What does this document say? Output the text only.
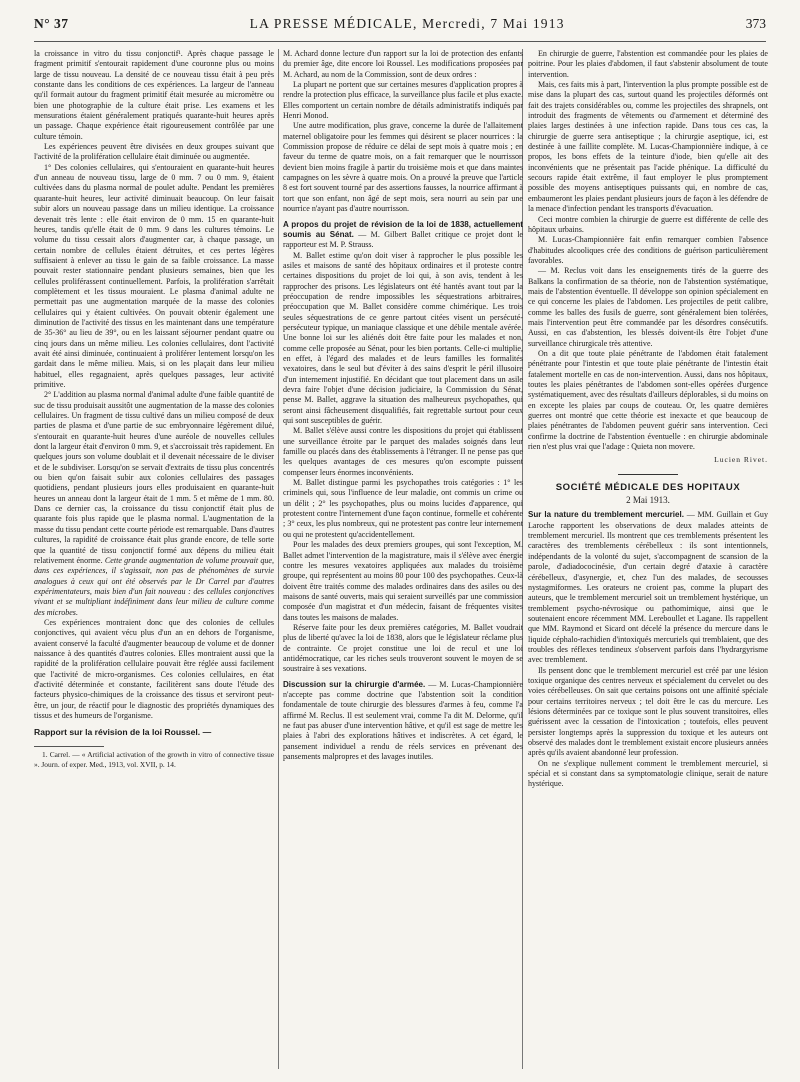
N° 37	LA PRESSE MÉDICALE, Mercredi, 7 Mai 1913	373

la croissance in vitro du tissu conjonctif¹. Après chaque passage le fragment primitif s'entourait rapidement d'une couronne plus ou moins large de tissu nouveau. La densité de ce nouveau tissu était à peu près constante dans les conditions de ces expériences. La largeur de l'anneau qu'il formait autour du fragment primitif était mesurée au micromètre ou bien une photographie de la culture était prise. Les examens et les mensurations étaient généralement pratiqués quarante-huit heures après un passage. Chaque expérience était rigoureusement contrôlée par une culture témoin.

Les expériences peuvent être divisées en deux groupes suivant que l'activité de la prolifération cellulaire était diminuée ou augmentée.

1° Des colonies cellulaires, qui s'entouraient en quarante-huit heures d'un anneau de nouveau tissu, large de 0 mm. 7 ou 0 mm. 9, étaient cultivées dans du plasma normal de poulet adulte. Pendant les premières quarante-huit heures, leur activité diminuait beaucoup. On leur faisait subir alors un nouveau passage dans un milieu identique. La croissance devenait très lente : elle était environ de 0 mm. 15 en quarante-huit heures, tandis qu'elle était de 0 mm. 9 dans les cultures témoins. Le volume du tissu cessait alors d'augmenter car, à chaque passage, un certain nombre de cellules étaient détruites, et ces pertes légères suffisaient à enlever au tissu le gain de sa faible croissance. La masse pouvait rester stationnaire pendant plusieurs semaines, bien que les cellules proliférassent continuellement. Parfois, la prolifération s'arrêtait complètement et les tissus mouraient. Le plasma d'animal adulte ne permettait pas une augmentation marquée de la masse des colonies cellulaires qui y étaient cultivées. On pouvait obtenir également une diminution de l'activité des tissus en les maintenant dans une température de 35-36° au lieu de 39°, ou en les laissant séjourner pendant quatre ou cinq jours dans un même milieu. Les colonies cellulaires, dont l'activité avait été ainsi diminuée, continuaient à proliférer lentement lorsqu'on les gardait dans le même milieu. Mais, si on les plaçait dans leur milieu habituel, elles regagnaient, après quelques passages, leur activité primitive.

2° L'addition au plasma normal d'animal adulte d'une faible quantité de suc de tissu produisait aussitôt une augmentation de la masse des colonies cellulaires. Un fragment de tissu cultivé dans un milieu composé de deux parties de plasma et d'une partie de suc embryonnaire légèrement dilué, s'entourait en quarante-huit heures d'une auréole de nouvelles cellules dont la largeur était d'environ 0 mm. 9, et s'accroissait très rapidement. En quelques jours son volume doublait et il devenait nécessaire de le diviser et de le subdiviser. Lorsqu'on se servait d'extraits de tissu plus concentrés ou bien qu'on faisait subir aux colonies cellulaires des passages quotidiens, pendant plusieurs jours elles produisaient en quarante-huit heures un anneau dont la largeur était de 1 mm. 5 et même de 1 mm. 80. Dans ce dernier cas, la croissance du tissu conjonctif était plus de quarante fois plus rapide que le plasma normal. L'augmentation de la masse du tissu pendant cette courte période est remarquable. Dans d'autres cultures, la rapidité de croissance était plus grande encore, de telle sorte que la quantité de tissu conjonctif formé aux dépens du milieu était relativement énorme. Cette grande augmentation de volume prouvait que, dans ces expériences, il s'agissait, non pas de phénomènes de survie analogues à ceux qui ont été observés par le Dr Carrel par d'autres expérimentateurs, mais bien d'un fait nouveau : des cellules conjonctives vivant et se multipliant indéfiniment dans leur milieu de culture comme des microbes.

Ces expériences montraient donc que des colonies de cellules conjonctives, qui avaient vécu plus d'un an en dehors de l'organisme, avaient conservé la faculté d'augmenter beaucoup de volume et de donner naissance à des quantités d'autres colonies. Elles montraient aussi que la rapidité de la prolifération cellulaire pouvait être réglée aussi facilement que l'activité de micro-organismes. Ces colonies cellulaires, en état d'activité déterminée et constante, facilitèrent sans doute l'étude des facteurs physico-chimiques de la croissance des tissus et serviront peut-être, un jour, de réactif pour le diagnostic des propriétés dynamiques des tissus et des humeurs de l'organisme.

Rapport sur la révision de la loi Roussel. —

1. Carrel. — « Artificial activation of the growth in vitro of connective tissue ». Journ. of exper. Med., 1913, vol. XVII, p. 14.

M. Achard donne lecture d'un rapport sur la loi de protection des enfants du premier âge, dite encore loi Roussel. Les modifications proposées par M. Achard, au nom de la Commission, sont de deux ordres :

La plupart ne portent que sur certaines mesures d'application propres à rendre la protection plus efficace, la surveillance plus facile et plus exacte. Elles comportent un certain nombre de détails administratifs indiqués par Henri Monod.

Une autre modification, plus grave, concerne la durée de l'allaitement maternel obligatoire pour les femmes qui désirent se placer nourrices : la Commission propose de réduire ce délai de sept mois à quatre mois ; en faveur du terme de quatre mois, on a fait remarquer que le nourrisson devient bien moins fragile à partir du troisième mois et que dans maintes campagnes on les sèvre à quatre mois. On a prouvé la preuve que l'article 8 est fort souvent tourné par des assertions fausses, la nourrice affirmant à tort que son enfant, non âgé de sept mois, sera nourri au sein par une nourrice n'ayant pas d'autre nourrisson.

A propos du projet de révision de la loi de 1838, actuellement soumis au Sénat. — M. Gilbert Ballet critique ce projet dont le rapporteur est M. P. Strauss.

M. Ballet estime qu'on doit viser à rapprocher le plus possible les asiles et maisons de santé des hôpitaux ordinaires et il proteste contre certaines dispositions du projet de loi qui, à son avis, tendent à les rapprocher des prisons. Les législateurs ont été hantés avant tout par la préoccupation de rendre impossibles les séquestrations arbitraires, préoccupation que M. Ballet considère comme chimérique. Les trois seules séquestrations de ce genre partout citées visent un persécuté-persécuteur typique, un maniaque classique et une débile mentale avérée. Une bonne loi sur les aliénés doit être faite pour les malades et non, comme celle proposée au Sénat, pour les bien portants. Celle-ci multiplie, en effet, à l'égard des malades et de leurs familles les formalités vexatoires, dans le seul but d'éviter à des sains d'esprit le péril illusoire d'un internement injustifié. En décidant que tout placement dans un asile devra faire l'objet d'une décision judiciaire, la Commission du Sénat, pense M. Ballet, aggrave la situation des malheureux psychopathes, qui seront ainsi fâcheusement disqualifiés, fait regrettable surtout pour ceux qui sont susceptibles de guérir.

M. Ballet s'élève aussi contre les dispositions du projet qui établissent une surveillance étroite par le parquet des malades soignés dans leur famille ou placés dans des établissements à l'étranger. Il ne pense pas que les quelques avantages de ces mesures qu'on escompte puissent compenser leurs énormes inconvénients.

M. Ballet distingue parmi les psychopathes trois catégories : 1° les criminels qui, sous l'influence de leur maladie, ont commis un crime ou un délit ; 2° les psychopathes, plus ou moins lucides d'apparence, qui protestent contre l'internement d'une façon continue, formelle et cohérente ; 3° ceux, les plus nombreux, qui ne protestent pas contre leur internement ou qui ne protestent qu'accidentellement.

Pour les malades des deux premiers groupes, qui sont l'exception, M. Ballet admet l'intervention de la magistrature, mais il s'élève avec énergie contre les mesures vexatoires appliquées aux malades du troisième groupe, qui représentent au moins 80 pour 100 des psychopathes. Ceux-là doivent être traités comme des malades ordinaires dans des asiles ou des maisons de santé ouverts, mais qui seraient surveillés par une commission composée d'un magistrat et d'un médecin, faisant de fréquentes visites dans toutes les maisons de malades.

Réserve faite pour les deux premières catégories, M. Ballet voudrait plus de liberté qu'avec la loi de 1838, alors que le législateur réclame plus de contrainte. Ce projet constitue une loi de recul et une loi antidémocratique, car les riches seuls trouveront souvent le moyen de se soustraire à ses vexations.

Discussion sur la chirurgie d'armée. — M. Lucas-Championnière n'accepte pas comme doctrine que l'abstention soit la condition fondamentale de toute chirurgie des blessures d'armes à feu, comme l'a affirmé M. Reclus. Il est seulement vrai, comme l'a dit M. Delorme, qu'il ne faut pas abuser d'une intervention hâtive, et qu'il est sage de mettre les plaies à l'abri des explorations hâtives et indiscrètes. A cet égard, le pansement individuel a rendu de réels services en prévenant des pansements malpropres et des lavages inutiles.

En chirurgie de guerre, l'abstention est commandée pour les plaies de poitrine. Pour les plaies d'abdomen, il faut s'abstenir absolument de toute intervention.

Mais, ces faits mis à part, l'intervention la plus prompte possible est de mise dans la plupart des cas, surtout quand les projectiles déformés ont fait des trajets considérables ou, comme les projectiles des shrapnels, ont introduit des fragments de vêtements ou d'armement et déterminé des plaies larges destinées à une infection rapide. Dans tous ces cas, la chirurgie de guerre sera antiseptique ; la chirurgie aseptique, ici, est destinée à une faillite complète. M. Lucas-Championnière indique, à ce propos, les bons effets de la teinture d'iode, bien qu'elle ait des inconvénients que ne présentait pas l'acide phénique. La difficulté du secours rapide était extrême, il faut employer le plus promptement possible des moyens antiseptiques puissants qui, en nombre de cas, embaumeront les plaies pendant plusieurs jours de façon à les défendre de la menace d'infection pendant les transports d'évacuation.

Ceci montre combien la chirurgie de guerre est différente de celle des hôpitaux urbains.

M. Lucas-Championnière fait enfin remarquer combien l'absence d'habitudes alcooliques crée des conditions de guérison particulièrement favorables.

— M. Reclus voit dans les enseignements tirés de la guerre des Balkans la confirmation de sa théorie, non de l'abstention systématique, mais de l'abstention éventuelle. Il développe son opinion spécialement en ce qui concerne les plaies de l'abdomen. Les projectiles de petit calibre, comme les balles des fusils de guerre, sont généralement bien tolérées, mais l'intervention peut être commandée par les désordres consécutifs. Aussi, en cas d'abstention, les blessés doivent-ils être l'objet d'une surveillance chirurgicale très attentive.

On a dit que toute plaie pénétrante de l'abdomen était fatalement pénétrante pour l'intestin et que toute plaie pénétrante de l'intestin était fatalement mortelle en cas de non-intervention. Aussi, dans nos hôpitaux, toutes les plaies pénétrantes de l'abdomen sont-elles opérées d'urgence systématiquement, avec des résultats d'ailleurs déplorables, si du moins on en excepte les plaies par coups de couteau. Or, les quatre dernières guerres ont montré que cette théorie est inexacte et que beaucoup de plaies pénétrantes de l'abdomen peuvent guérir sans intervention. Ceci confirme la doctrine de l'abstention éventuelle : en chirurgie abdominale rien n'est plus vrai que l'adage : Quieta non movere.

Lucien Rivet.

SOCIÉTÉ MÉDICALE DES HOPITAUX

2 Mai 1913.

Sur la nature du tremblement mercuriel. — MM. Guillain et Guy Laroche rapportent les observations de deux malades atteints de tremblement mercuriel. Ils montrent que ces tremblements présentent les caractères des tremblements cérébelleux : ils sont intentionnels, indépendants de la volonté du sujet, s'accompagnent de scansion de la parole, d'adiadococinésie, d'un certain degré d'ataxie à caractère cérébelleux, d'asynergie, et, chez l'un des malades, de secousses nystagmiformes. Les orateurs ne croient pas, comme la plupart des auteurs, que le tremblement mercuriel soit un tremblement hystérique, un tremblement psycho-névrosique ou pathomimique, ainsi que le soutenaient encore récemment MM. Lereboullet et Lagane. Ils rappellent que MM. Raymond et Sicard ont décelé la présence du mercure dans le liquide céphalo-rachidien d'intoxiqués mercuriels qui tremblaient, que des troubles des réflexes tendineux s'observent parfois dans l'hydrargyrisme avec tremblement.

Ils pensent donc que le tremblement mercuriel est créé par une lésion toxique organique des centres nerveux et spécialement du cervelet ou des voies cérébelleuses. On sait que certains poisons ont une affinité spéciale pour certains territoires nerveux ; tel doit être le cas du mercure. Les lésions déterminées par ce toxique sont le plus souvent transitoires, elles guérissent avec la cessation de l'intoxication ; toutefois, elles peuvent persister longtemps après la suppression du toxique et les auteurs ont observé des malades dont le tremblement existait encore plusieurs années après qu'ils avaient abandonné leur profession.

On ne s'explique nullement comment le tremblement mercuriel, si spécial et si constant dans sa symptomatologie clinique, serait de nature hystérique.
